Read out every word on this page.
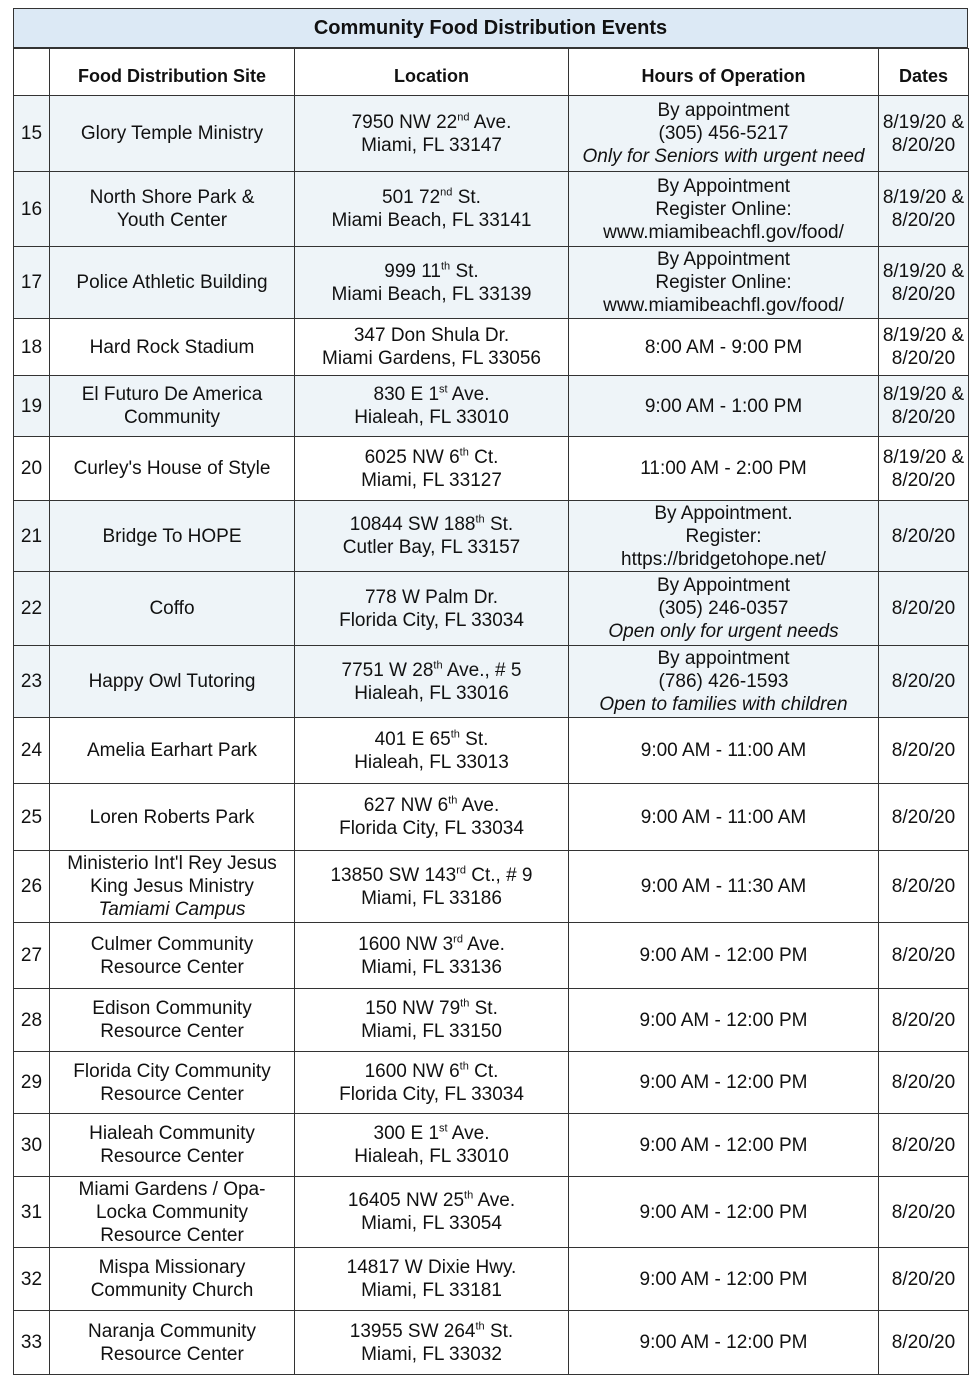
Community Food Distribution Events
	Food Distribution Site	Location	Hours of Operation	Dates
15	Glory Temple Ministry	7950 NW 22nd Ave.
Miami, FL 33147	By appointment
(305) 456-5217
Only for Seniors with urgent need	8/19/20 &
8/20/20

16	North Shore Park &
Youth Center	501 72nd St.
Miami Beach, FL 33141	By Appointment
Register Online:
www.miamibeachfl.gov/food/	8/19/20 &
8/20/20

17	Police Athletic Building	999 11th St.
Miami Beach, FL 33139	By Appointment
Register Online:
www.miamibeachfl.gov/food/	8/19/20 &
8/20/20

18	Hard Rock Stadium	347 Don Shula Dr.
Miami Gardens, FL 33056	8:00 AM - 9:00 PM	8/19/20 &
8/20/20

19	El Futuro De America
Community	830 E 1st Ave.
Hialeah, FL 33010	9:00 AM - 1:00 PM	8/19/20 &
8/20/20

20	Curley's House of Style	6025 NW 6th Ct.
Miami, FL 33127	11:00 AM - 2:00 PM	8/19/20 &
8/20/20

21	Bridge To HOPE	10844 SW 188th St.
Cutler Bay, FL 33157	By Appointment.
Register:
https://bridgetohope.net/	8/20/20

22	Coffo	778 W Palm Dr.
Florida City, FL 33034	By Appointment
(305) 246-0357
Open only for urgent needs	8/20/20

23	Happy Owl Tutoring	7751 W 28th Ave., # 5
Hialeah, FL 33016	By appointment
(786) 426-1593
Open to families with children	8/20/20

24	Amelia Earhart Park	401 E 65th St.
Hialeah, FL 33013	9:00 AM - 11:00 AM	8/20/20

25	Loren Roberts Park	627 NW 6th Ave.
Florida City, FL 33034	9:00 AM - 11:00 AM	8/20/20

26	Ministerio Int'l Rey Jesus
King Jesus Ministry
Tamiami Campus	13850 SW 143rd Ct., # 9
Miami, FL 33186	9:00 AM - 11:30 AM	8/20/20

27	Culmer Community
Resource Center	1600 NW 3rd Ave.
Miami, FL 33136	9:00 AM - 12:00 PM	8/20/20

28	Edison Community
Resource Center	150 NW 79th St.
Miami, FL 33150	9:00 AM - 12:00 PM	8/20/20

29	Florida City Community
Resource Center	1600 NW 6th Ct.
Florida City, FL 33034	9:00 AM - 12:00 PM	8/20/20

30	Hialeah Community
Resource Center	300 E 1st Ave.
Hialeah, FL 33010	9:00 AM - 12:00 PM	8/20/20

31	Miami Gardens / Opa-
Locka Community
Resource Center	16405 NW 25th Ave.
Miami, FL 33054	9:00 AM - 12:00 PM	8/20/20

32	Mispa Missionary
Community Church	14817 W Dixie Hwy.
Miami, FL 33181	9:00 AM - 12:00 PM	8/20/20

33	Naranja Community
Resource Center	13955 SW 264th St.
Miami, FL 33032	9:00 AM - 12:00 PM	8/20/20
